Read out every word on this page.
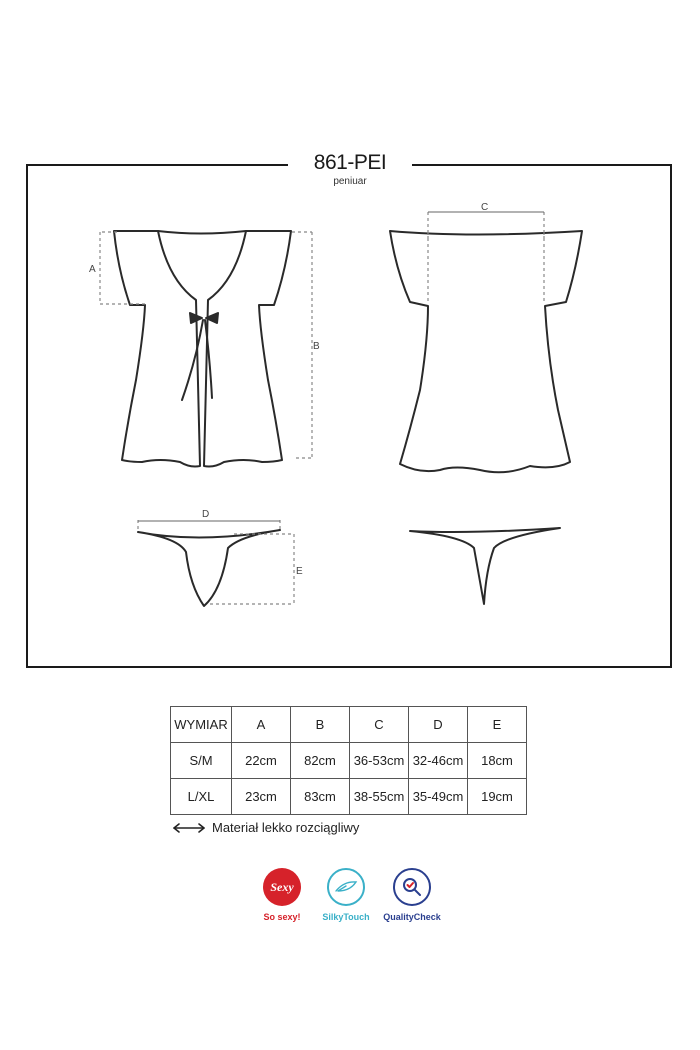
861-PEI
peniuar
A
B
C
D
E
WYMIAR	A	B	C	D	E
S/M	22cm	82cm	36-53cm	32-46cm	18cm
L/XL	23cm	83cm	38-55cm	35-49cm	19cm
Materiał lekko rozciągliwy
Sexy
So sexy!	SilkyTouch	QualityCheck
